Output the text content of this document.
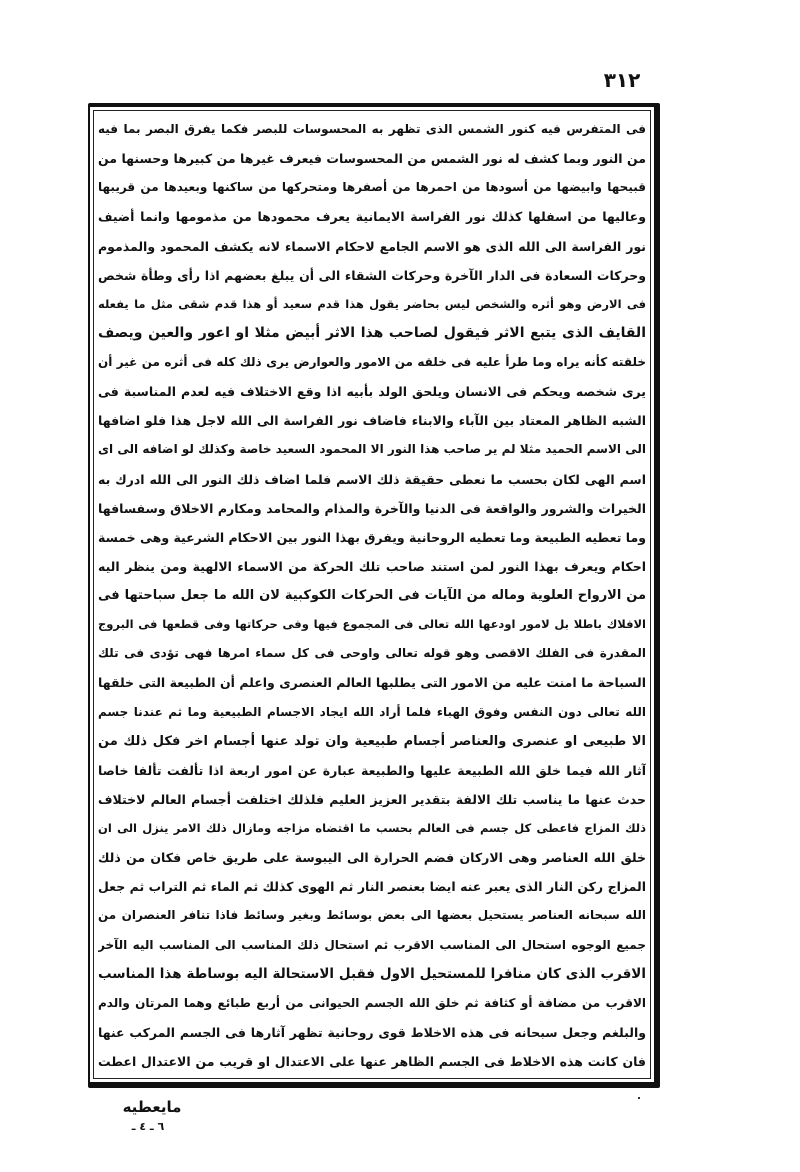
٣١٢
فى المتفرس فيه كنور الشمس الذى تظهر به المحسوسات للبصر فكما يفرق البصر بما فيه
من النور وبما كشف له نور الشمس من المحسوسات فيعرف غيرها من كبيرها وحسنها من
قبيحها وابيضها من أسودها من احمرها من أصفرها ومتحركها من ساكنها وبعيدها من قريبها
وعاليها من اسفلها كذلك نور الفراسة الايمانية يعرف محمودها من مذمومها وانما أضيف
نور الفراسة الى الله الذى هو الاسم الجامع لاحكام الاسماء لانه يكشف المحمود والمذموم
وحركات السعادة فى الدار الآخرة وحركات الشقاء الى أن يبلغ بعضهم اذا رأى وطأة شخص
فى الارض وهو أثره والشخص ليس بحاضر يقول هذا قدم سعيد أو هذا قدم شقى مثل ما يفعله
القايف الذى يتبع الاثر فيقول لصاحب هذا الاثر أبيض مثلا او اعور والعين ويصف
خلقته كأنه يراه وما طرأ عليه فى خلقه من الامور والعوارض يرى ذلك كله فى أثره من غير أن
يرى شخصه ويحكم فى الانسان ويلحق الولد بأبيه اذا وقع الاختلاف فيه لعدم المناسبة فى
الشبه الظاهر المعتاد بين الآباء والابناء فاضاف نور الفراسة الى الله لاجل هذا فلو اضافها
الى الاسم الحميد مثلا لم ير صاحب هذا النور الا المحمود السعيد خاصة وكذلك لو اضافه الى اى
اسم الهى لكان بحسب ما نعطى حقيقة ذلك الاسم فلما اضاف ذلك النور الى الله ادرك به
الخيرات والشرور والواقعة فى الدنيا والآخرة والمذام والمحامد ومكارم الاخلاق وسفسافها
وما تعطيه الطبيعة وما تعطيه الروحانية ويفرق بهذا النور بين الاحكام الشرعية وهى خمسة
احكام ويعرف بهذا النور لمن استند صاحب تلك الحركة من الاسماء الالهية ومن ينظر اليه
من الارواح العلوية وماله من الآيات فى الحركات الكوكبية لان الله ما جعل سباحتها فى
الافلاك باطلا بل لامور اودعها الله تعالى فى المجموع فيها وفى حركاتها وفى قطعها فى البروج
المقدرة فى الفلك الاقصى وهو قوله تعالى واوحى فى كل سماء امرها فهى تؤدى فى تلك
السباحة ما امنت عليه من الامور التى يطلبها العالم العنصرى واعلم أن الطبيعة التى خلقها
الله تعالى دون النفس وفوق الهباء فلما أراد الله ايجاد الاجسام الطبيعية وما ثم عندنا جسم
الا طبيعى او عنصرى والعناصر أجسام طبيعية وان تولد عنها أجسام اخر فكل ذلك من
آثار الله فيما خلق الله الطبيعة عليها والطبيعة عبارة عن امور اربعة اذا تألفت تألفا خاصا
حدث عنها ما يناسب تلك الالفة بتقدير العزيز العليم فلذلك اختلفت أجسام العالم لاختلاف
ذلك المزاج فاعطى كل جسم فى العالم بحسب ما اقتضاه مزاجه ومازال ذلك الامر ينزل الى ان
خلق الله العناصر وهى الاركان فضم الحرارة الى اليبوسة على طريق خاص فكان من ذلك
المزاج ركن النار الذى يعبر عنه ايضا بعنصر النار ثم الهوى كذلك ثم الماء ثم التراب ثم جعل
الله سبحانه العناصر يستحيل بعضها الى بعض بوسائط وبغير وسائط فاذا تنافر العنصران من
جميع الوجوه استحال الى المناسب الاقرب ثم استحال ذلك المناسب الى المناسب اليه الآخر
الاقرب الذى كان منافرا للمستحيل الاول فقبل الاستحالة اليه بوساطة هذا المناسب
الاقرب من مضافة أو كثافة ثم خلق الله الجسم الحيوانى من أربع طبائع وهما المرتان والدم
والبلغم وجعل سبحانه فى هذه الاخلاط قوى روحانية تظهر آثارها فى الجسم المركب عنها
فان كانت هذه الاخلاط فى الجسم الظاهر عنها على الاعتدال او قريب من الاعتدال اعطت
مايعطيه
٦ ـ ٤ ـ
